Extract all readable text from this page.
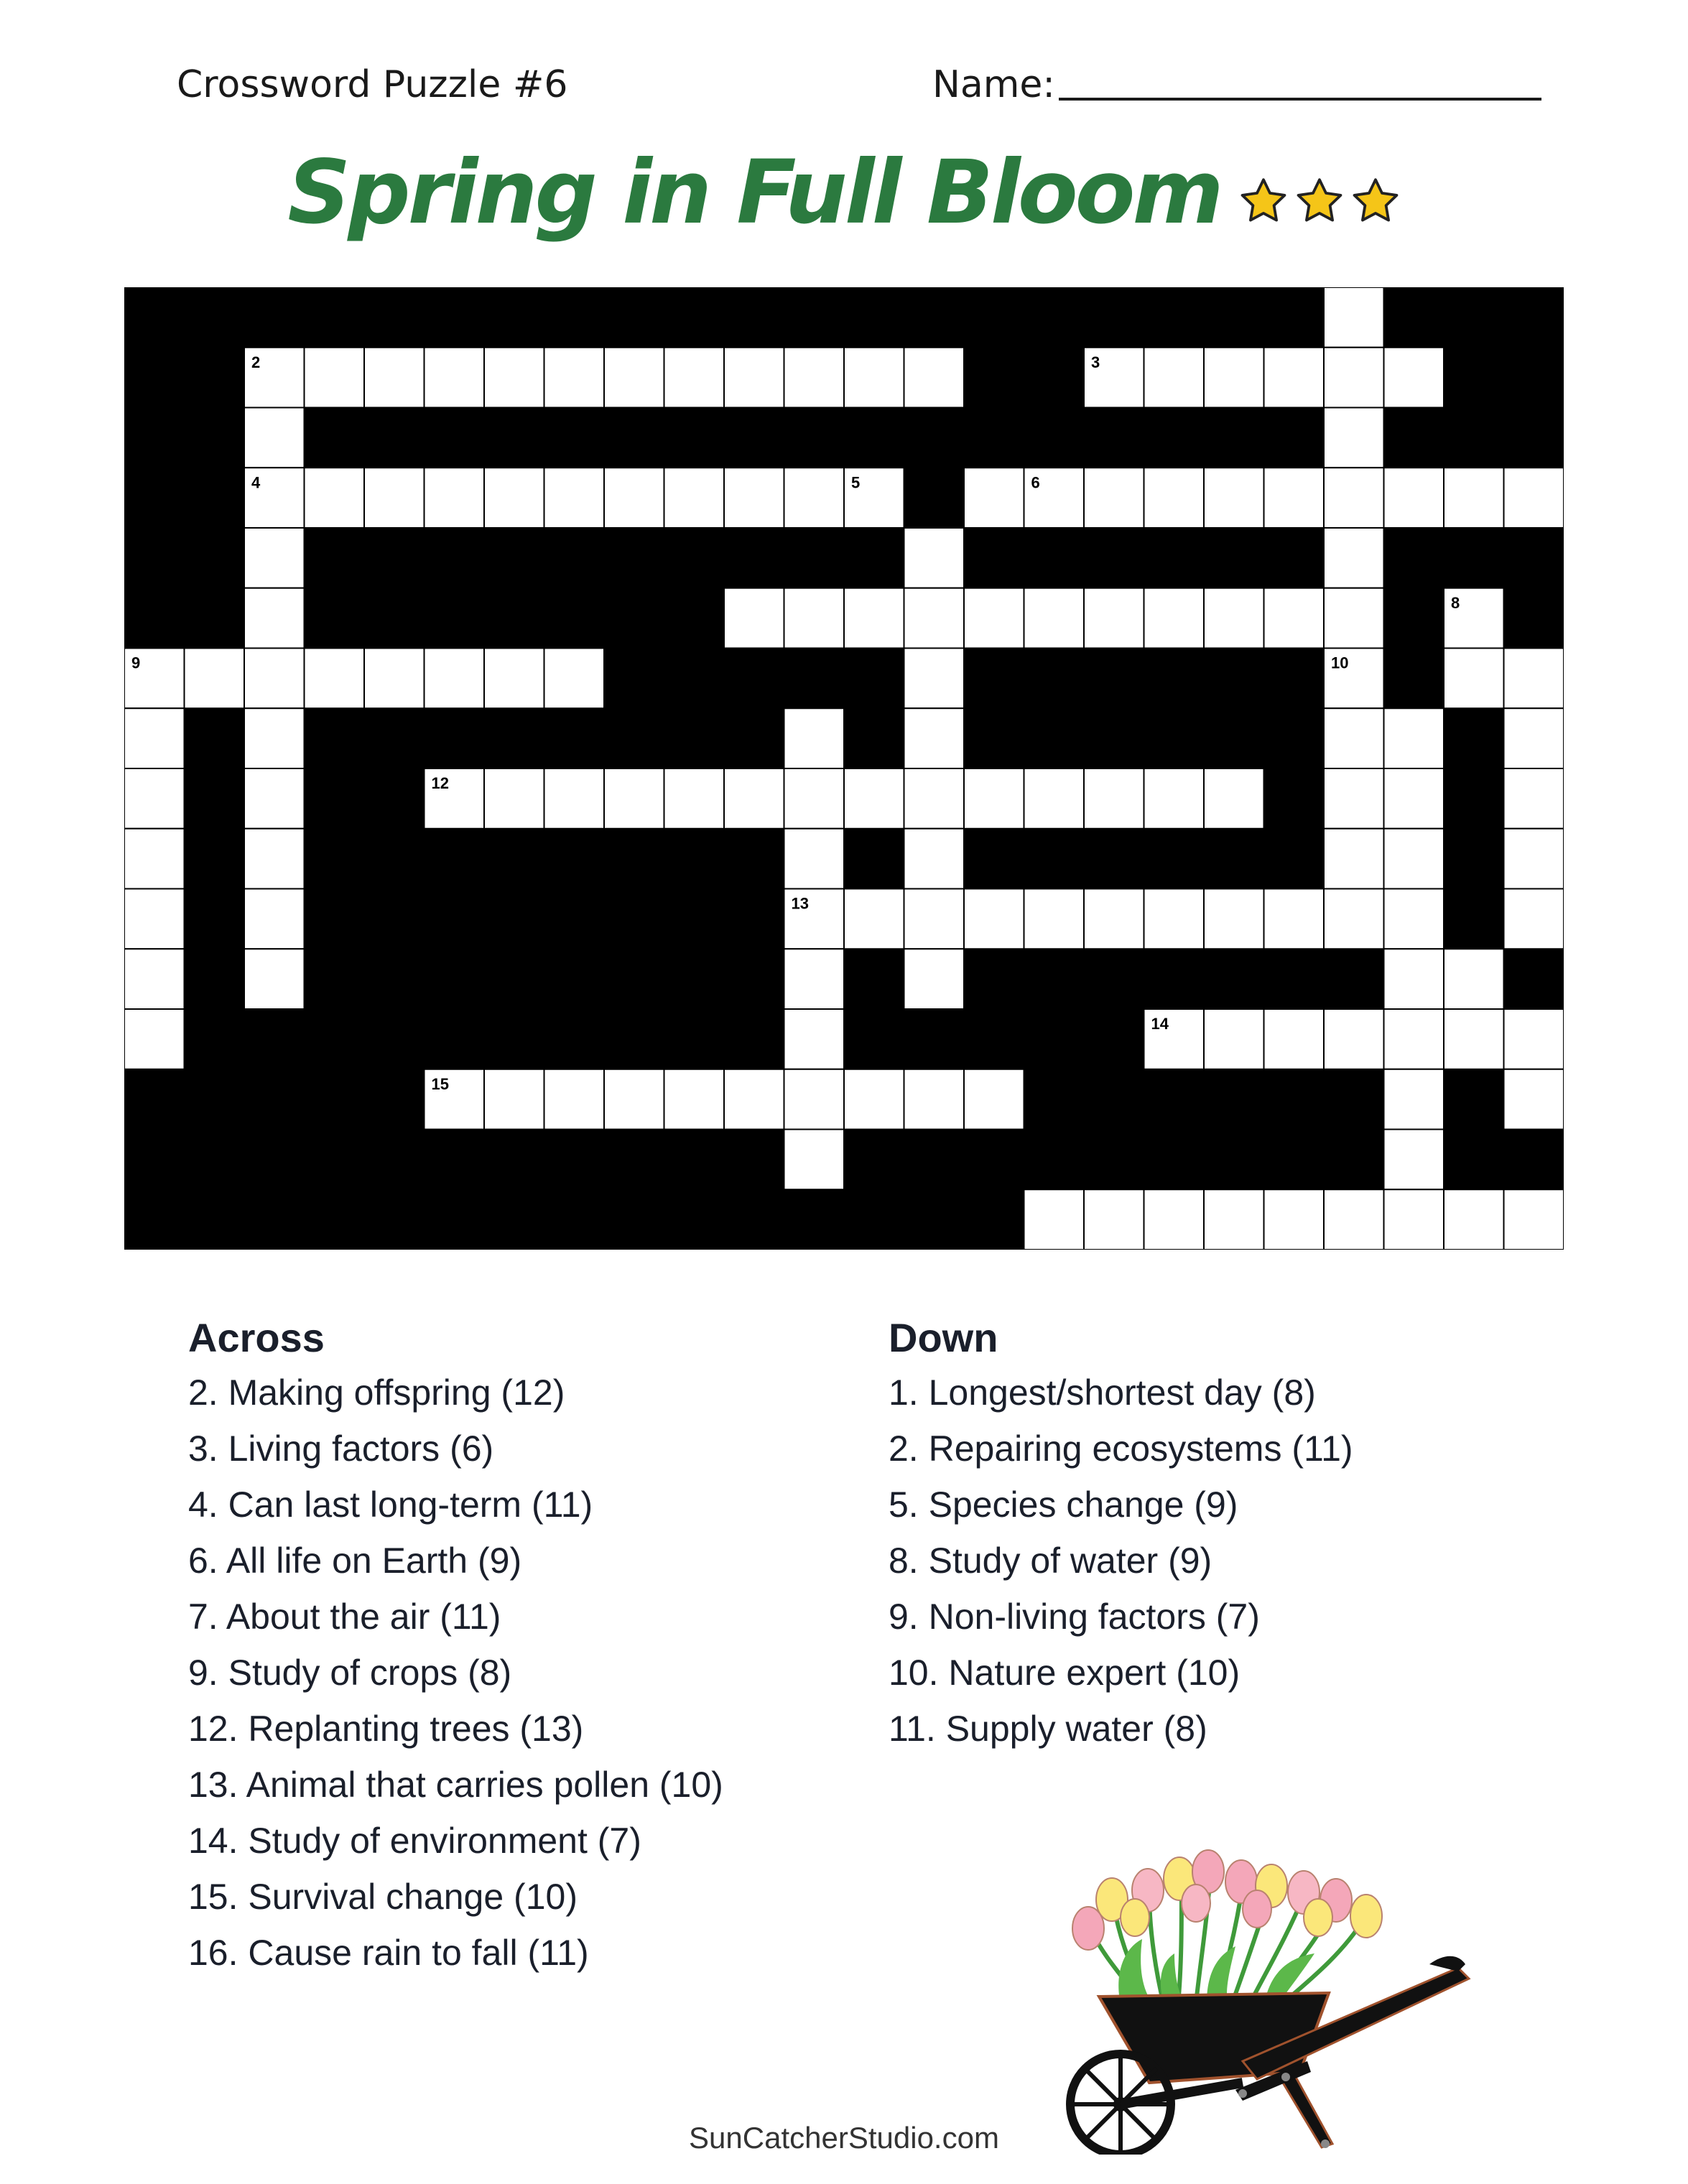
Crossword Puzzle #6	Name:
Spring in Full Bloom
1
2	3
4	5	6
7	8
9	10
11
12
13
14
15
16
Across
2. Making offspring (12)
3. Living factors (6)
4. Can last long-term (11)
6. All life on Earth (9)
7. About the air (11)
9. Study of crops (8)
12. Replanting trees (13)
13. Animal that carries pollen (10)
14. Study of environment (7)
15. Survival change (10)
16. Cause rain to fall (11)
Down
1. Longest/shortest day (8)
2. Repairing ecosystems (11)
5. Species change (9)
8. Study of water (9)
9. Non-living factors (7)
10. Nature expert (10)
11. Supply water (8)
SunCatcherStudio.com
